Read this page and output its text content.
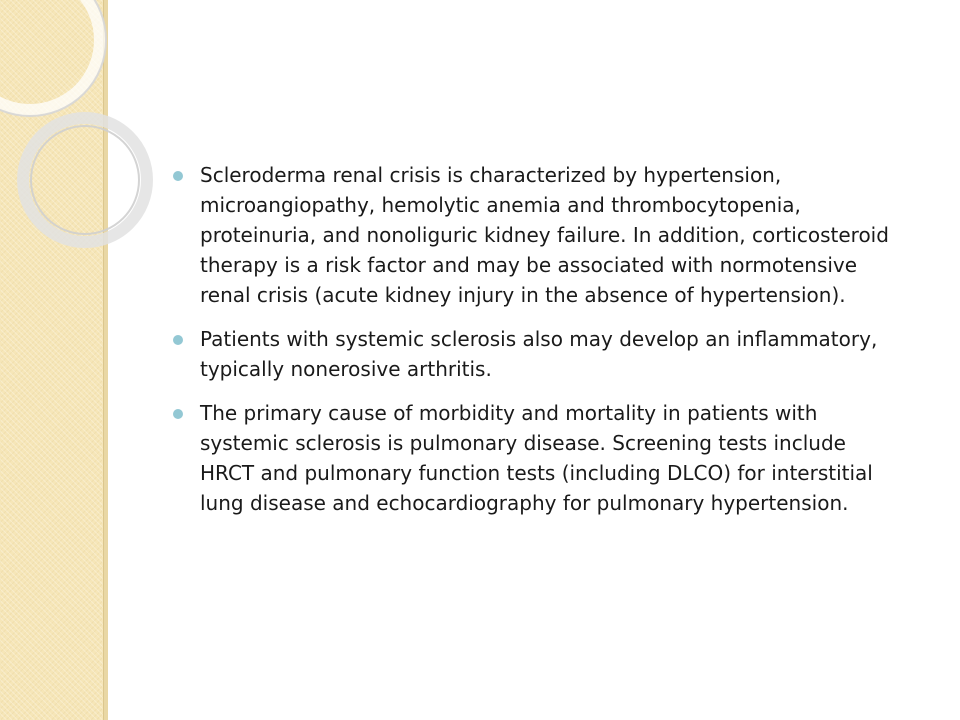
Scleroderma renal crisis is characterized by hypertension, microangiopathy, hemolytic anemia and thrombocytopenia, proteinuria, and nonoliguric kidney failure. In addition, corticosteroid therapy is a risk factor and may be associated with normotensive renal crisis (acute kidney injury in the absence of hypertension).
Patients with systemic sclerosis also may develop an inflammatory, typically nonerosive arthritis.
The primary cause of morbidity and mortality in patients with systemic sclerosis is pulmonary disease. Screening tests include HRCT and pulmonary function tests (including DLCO) for interstitial lung disease and echocardiography for pulmonary hypertension.
